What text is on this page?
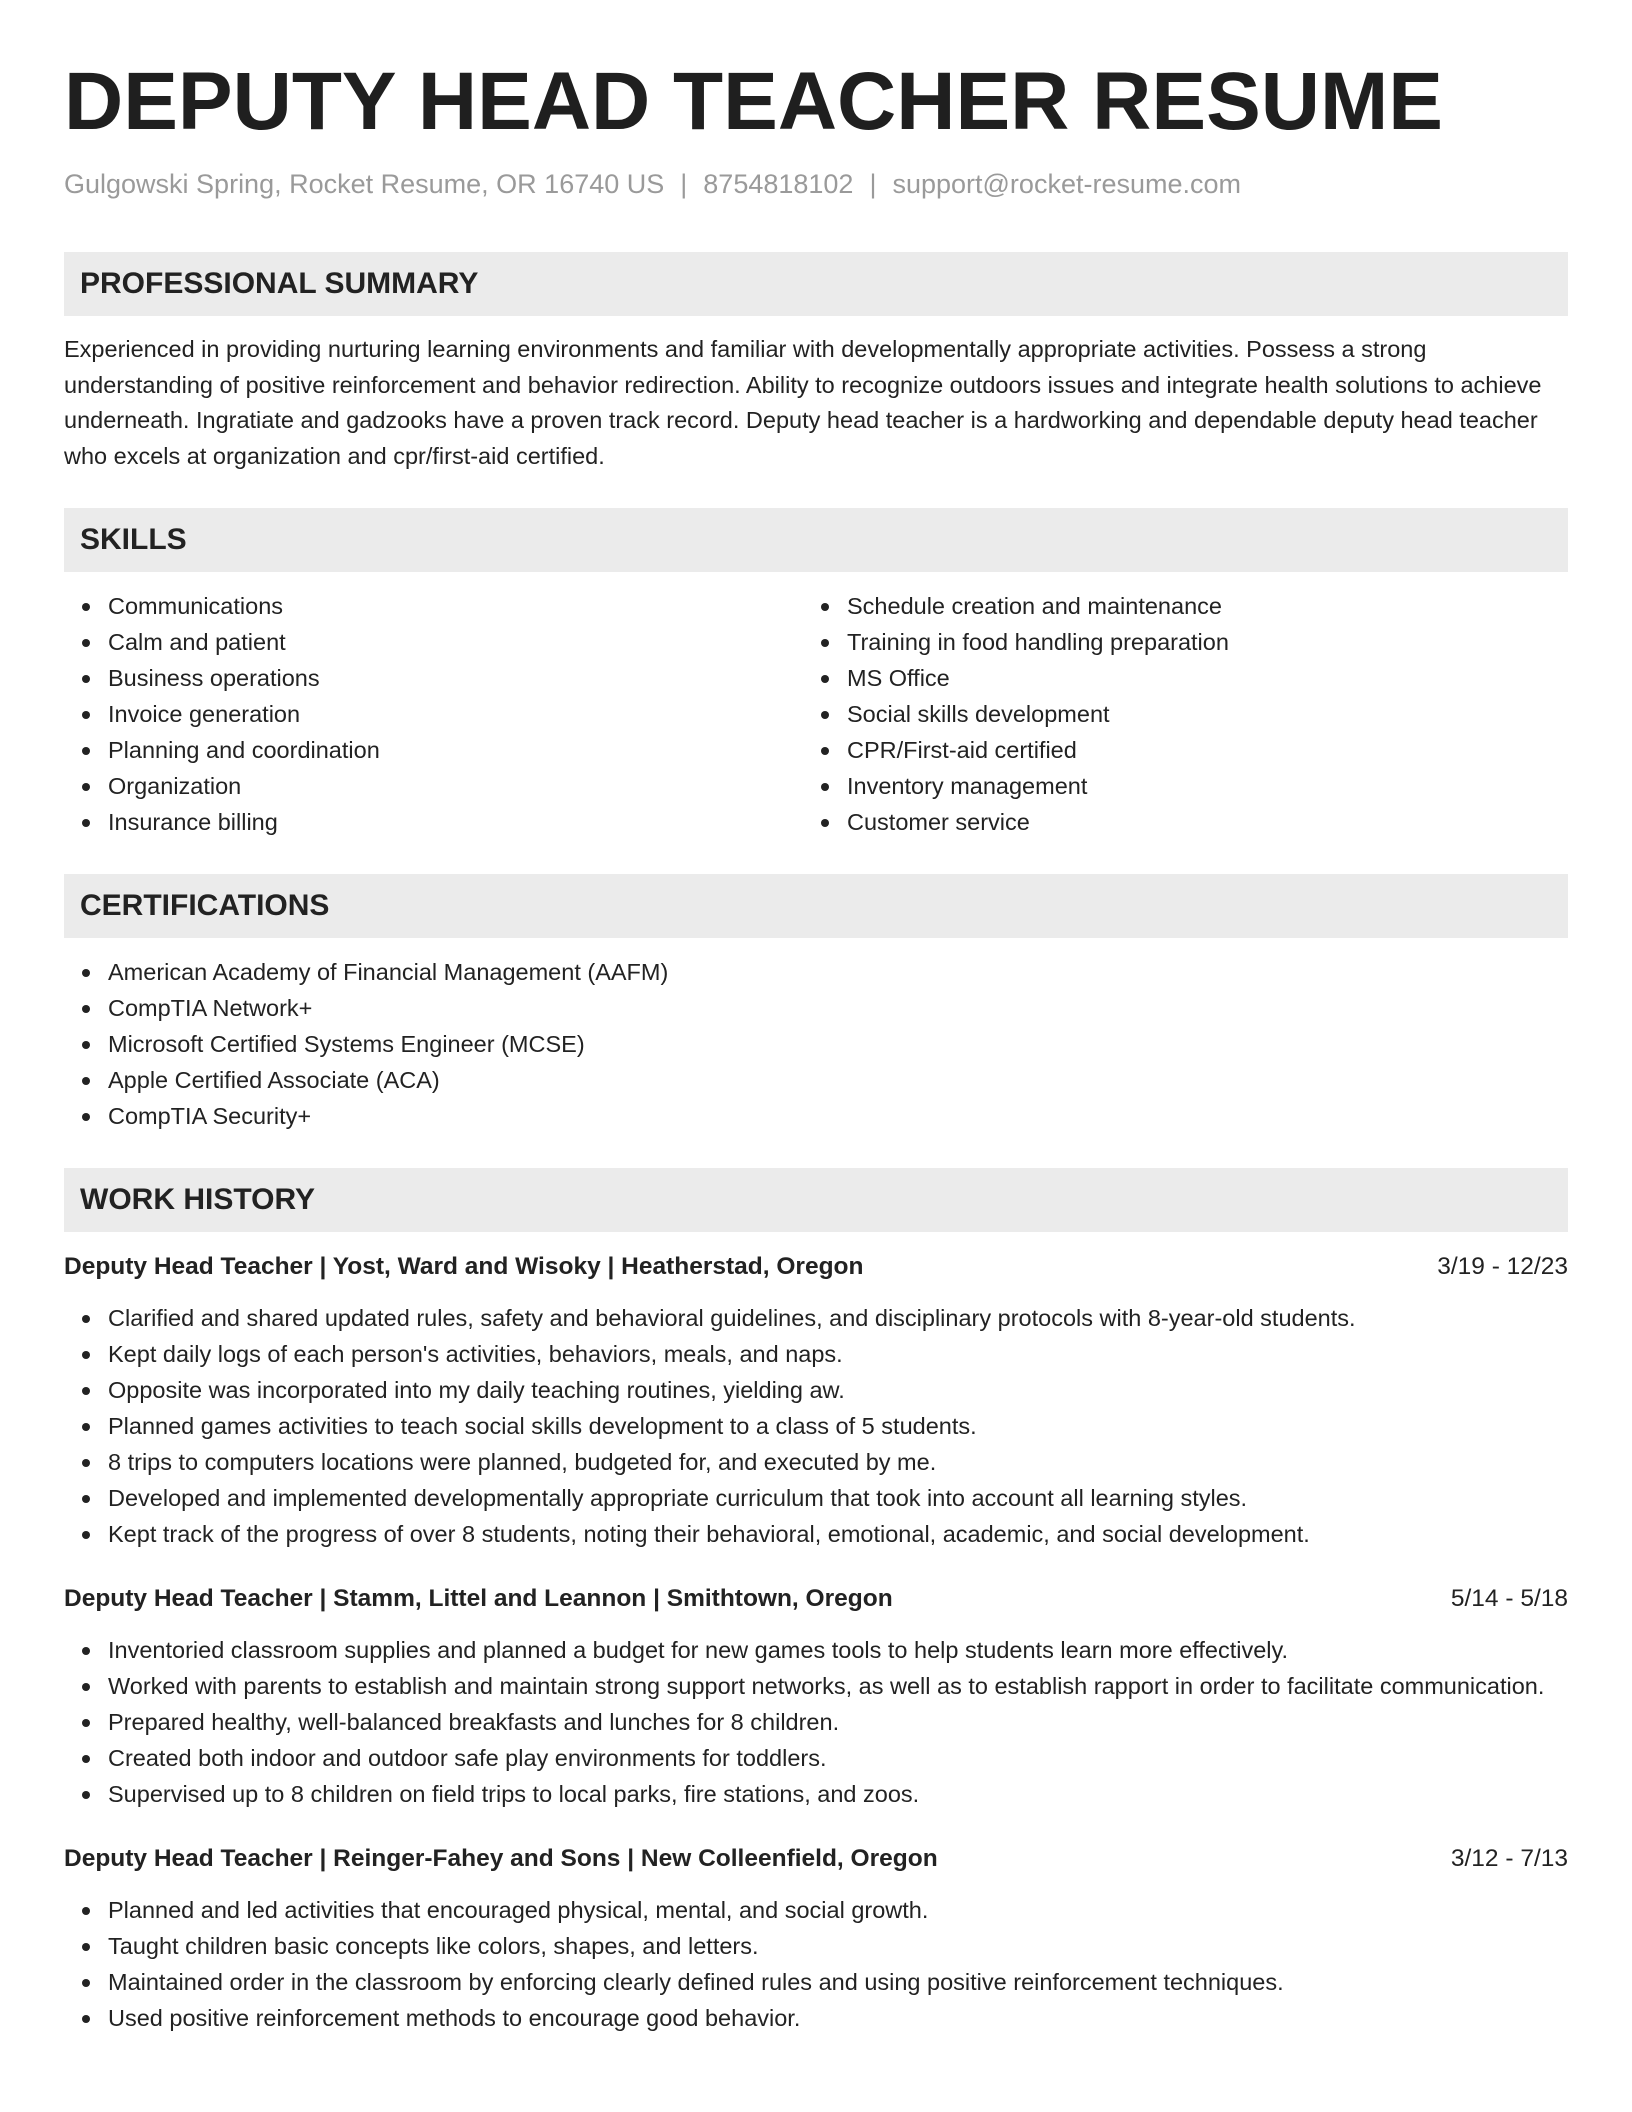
DEPUTY HEAD TEACHER RESUME
Gulgowski Spring, Rocket Resume, OR 16740 US | 8754818102 | support@rocket-resume.com
PROFESSIONAL SUMMARY
Experienced in providing nurturing learning environments and familiar with developmentally appropriate activities. Possess a strong understanding of positive reinforcement and behavior redirection. Ability to recognize outdoors issues and integrate health solutions to achieve underneath. Ingratiate and gadzooks have a proven track record. Deputy head teacher is a hardworking and dependable deputy head teacher who excels at organization and cpr/first-aid certified.
SKILLS
Communications
Calm and patient
Business operations
Invoice generation
Planning and coordination
Organization
Insurance billing
Schedule creation and maintenance
Training in food handling preparation
MS Office
Social skills development
CPR/First-aid certified
Inventory management
Customer service
CERTIFICATIONS
American Academy of Financial Management (AAFM)
CompTIA Network+
Microsoft Certified Systems Engineer (MCSE)
Apple Certified Associate (ACA)
CompTIA Security+
WORK HISTORY
Deputy Head Teacher | Yost, Ward and Wisoky | Heatherstad, Oregon	3/19 - 12/23
Clarified and shared updated rules, safety and behavioral guidelines, and disciplinary protocols with 8-year-old students.
Kept daily logs of each person's activities, behaviors, meals, and naps.
Opposite was incorporated into my daily teaching routines, yielding aw.
Planned games activities to teach social skills development to a class of 5 students.
8 trips to computers locations were planned, budgeted for, and executed by me.
Developed and implemented developmentally appropriate curriculum that took into account all learning styles.
Kept track of the progress of over 8 students, noting their behavioral, emotional, academic, and social development.
Deputy Head Teacher | Stamm, Littel and Leannon | Smithtown, Oregon	5/14 - 5/18
Inventoried classroom supplies and planned a budget for new games tools to help students learn more effectively.
Worked with parents to establish and maintain strong support networks, as well as to establish rapport in order to facilitate communication.
Prepared healthy, well-balanced breakfasts and lunches for 8 children.
Created both indoor and outdoor safe play environments for toddlers.
Supervised up to 8 children on field trips to local parks, fire stations, and zoos.
Deputy Head Teacher | Reinger-Fahey and Sons | New Colleenfield, Oregon	3/12 - 7/13
Planned and led activities that encouraged physical, mental, and social growth.
Taught children basic concepts like colors, shapes, and letters.
Maintained order in the classroom by enforcing clearly defined rules and using positive reinforcement techniques.
Used positive reinforcement methods to encourage good behavior.
